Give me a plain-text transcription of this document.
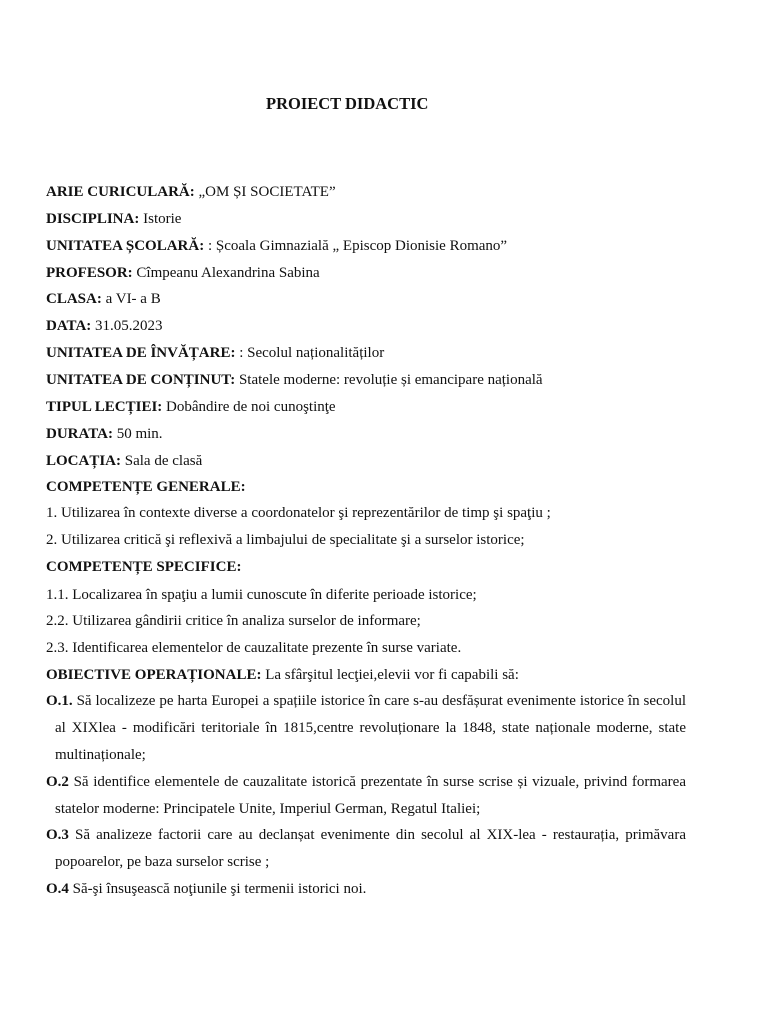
PROIECT DIDACTIC
ARIE CURICULARĂ: „OM ȘI SOCIETATE”
DISCIPLINA: Istorie
UNITATEA ȘCOLARĂ: : Școala Gimnazială „ Episcop Dionisie Romano”
PROFESOR: Cîmpeanu Alexandrina Sabina
CLASA: a VI- a B
DATA: 31.05.2023
UNITATEA DE ÎNVĂȚARE: : Secolul naționalităților
UNITATEA DE CONȚINUT: Statele moderne: revoluție și emancipare națională
TIPUL LECȚIEI: Dobândire de noi cunoştinţe
DURATA: 50 min.
LOCAȚIA: Sala de clasă
COMPETENȚE GENERALE:
1. Utilizarea în contexte diverse a coordonatelor şi reprezentărilor de timp şi spaţiu ;
2. Utilizarea critică şi reflexivă a limbajului de specialitate şi a surselor istorice;
COMPETENȚE SPECIFICE:
1.1. Localizarea în spaţiu a lumii cunoscute în diferite perioade istorice;
2.2. Utilizarea gândirii critice în analiza surselor de informare;
2.3. Identificarea elementelor de cauzalitate prezente în surse variate.
OBIECTIVE OPERAȚIONALE: La sfârşitul lecţiei,elevii vor fi capabili să:
O.1. Să localizeze pe harta Europei a spațiile istorice în care s-au desfășurat evenimente istorice în secolul al XIXlea - modificări teritoriale în 1815,centre revoluționare la 1848, state naționale moderne, state multinaționale;
O.2 Să identifice elementele de cauzalitate istorică prezentate în surse scrise și vizuale, privind formarea statelor moderne: Principatele Unite, Imperiul German, Regatul Italiei;
O.3 Să analizeze factorii care au declanșat evenimente din secolul al XIX-lea - restaurația, primăvara popoarelor, pe baza surselor scrise ;
O.4 Să-şi însuşească noţiunile şi termenii istorici noi.
